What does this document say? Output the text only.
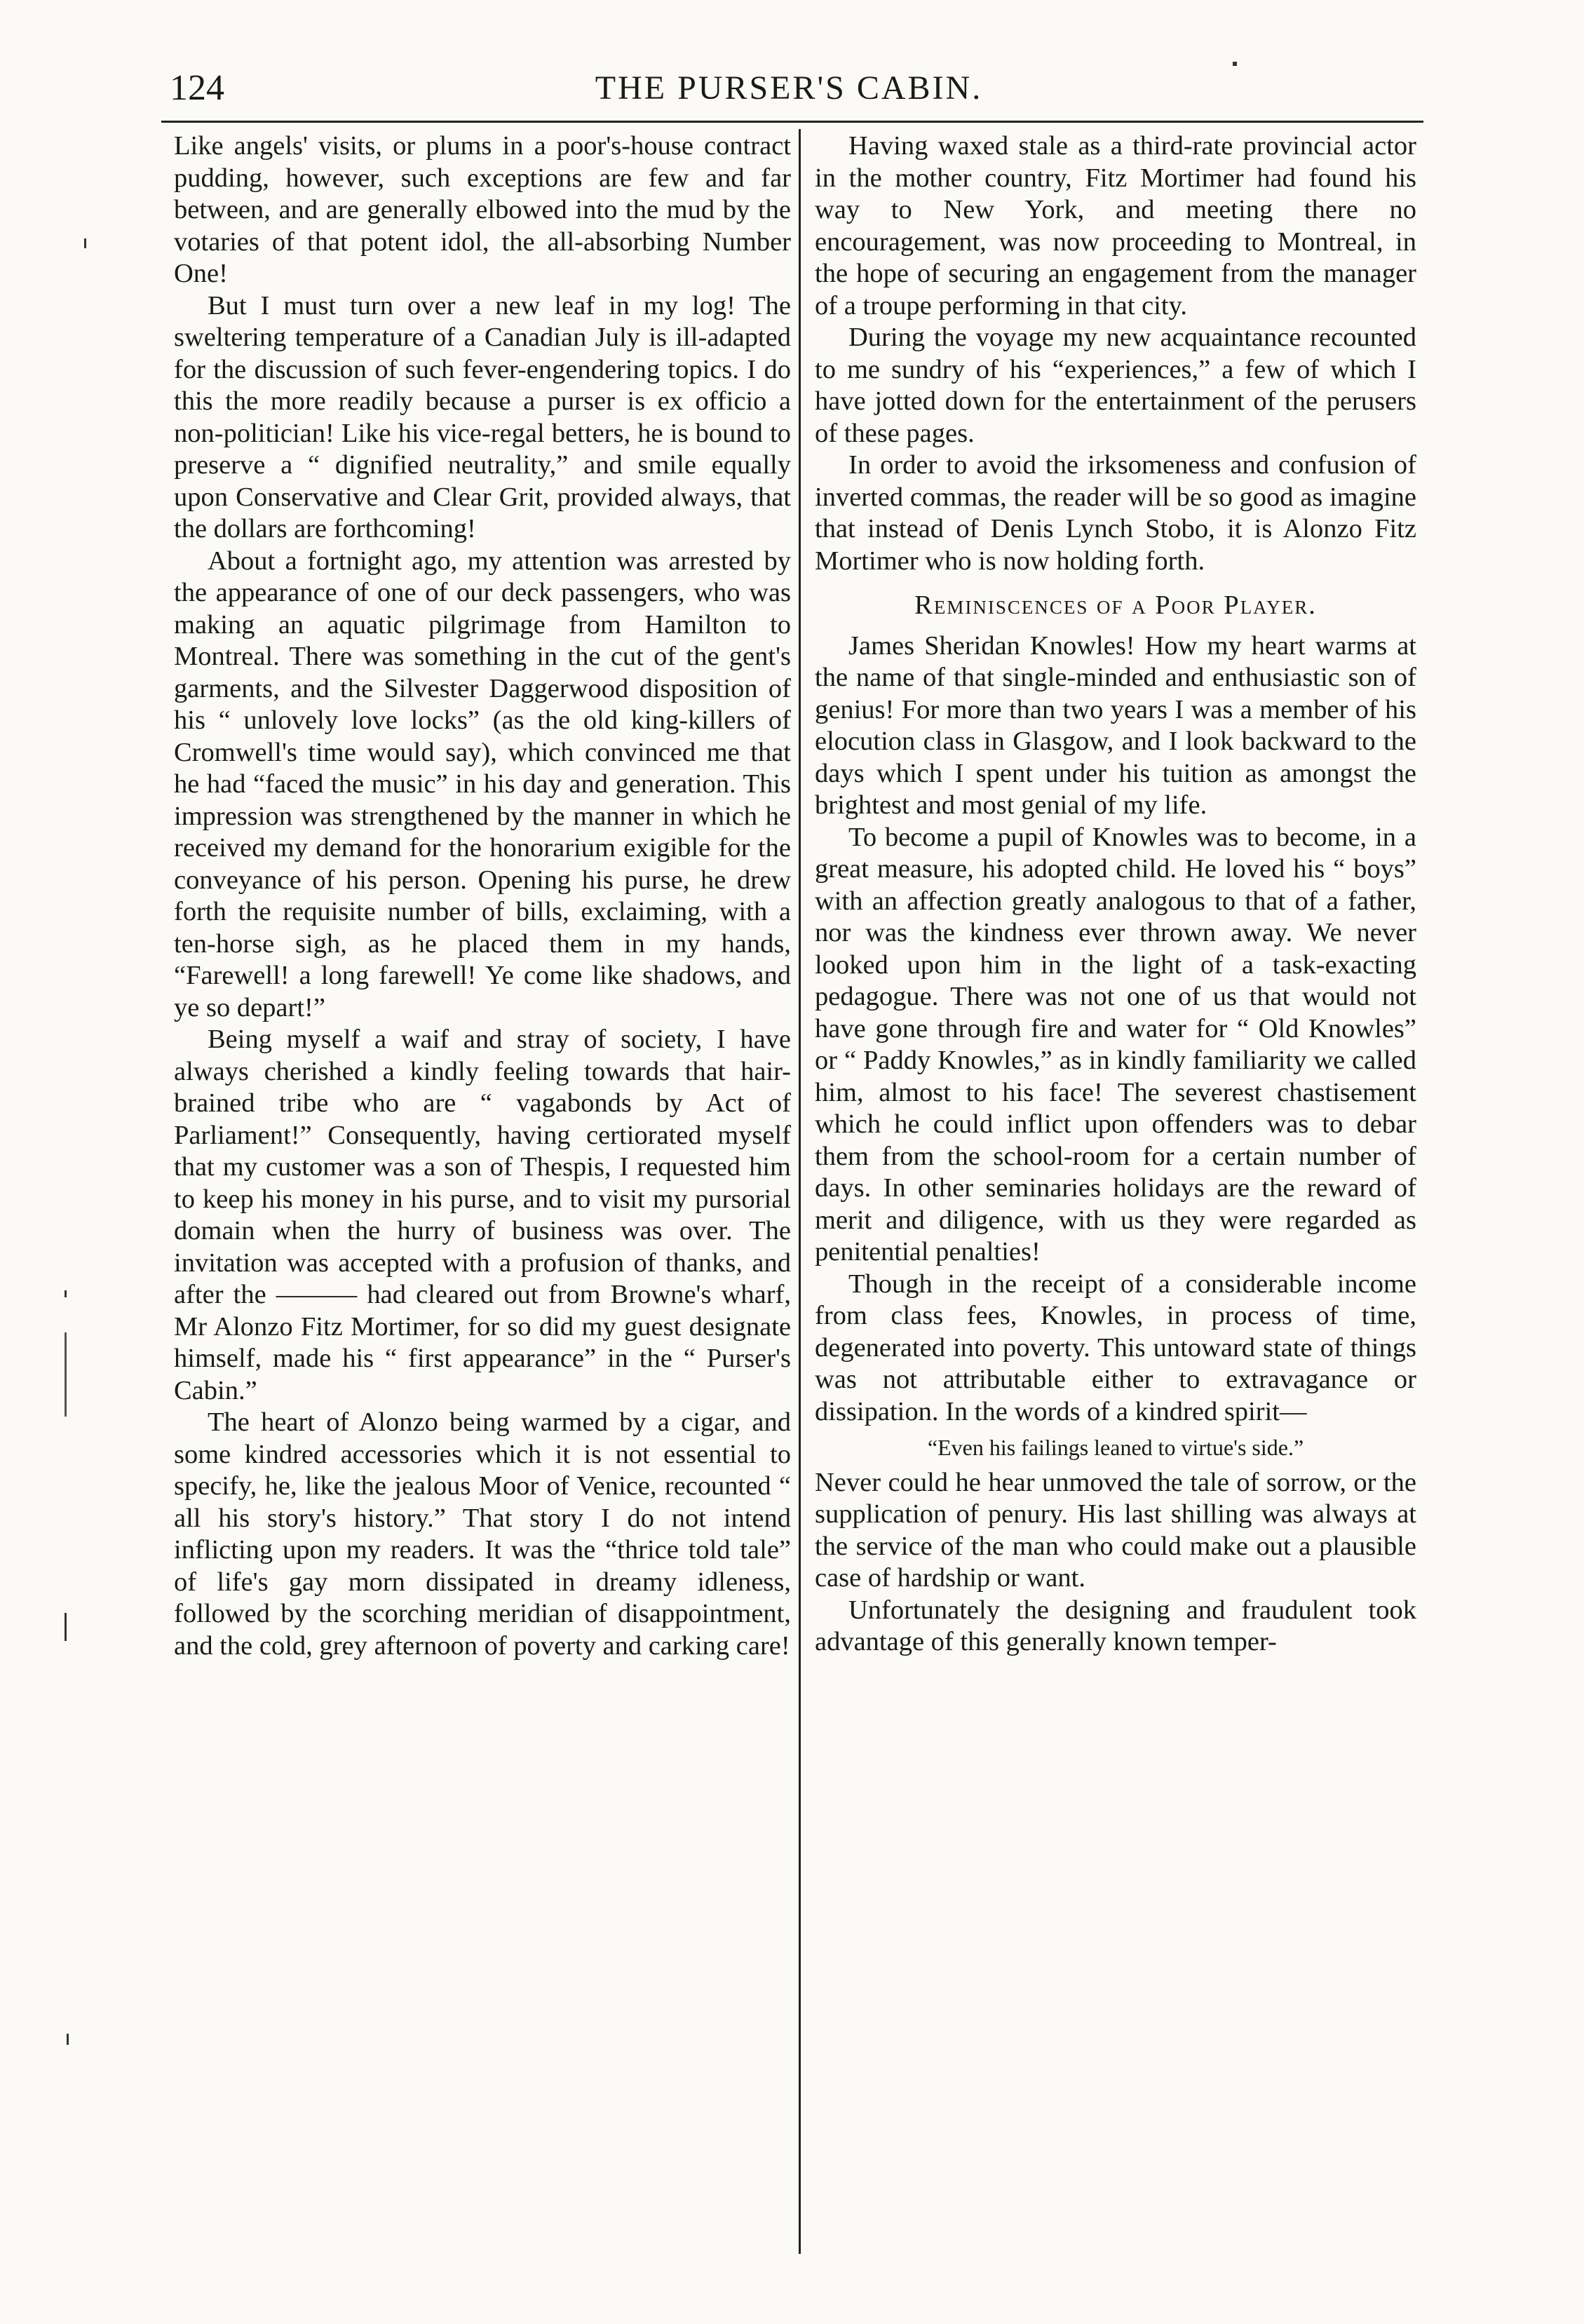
124	THE PURSER'S CABIN.

Like angels' visits, or plums in a poor's-house contract pudding, however, such exceptions are few and far between, and are generally elbowed into the mud by the votaries of that potent idol, the all-absorbing Number One!

But I must turn over a new leaf in my log! The sweltering temperature of a Canadian July is ill-adapted for the discussion of such fever-engendering topics. I do this the more readily because a purser is ex officio a non-politician! Like his vice-regal betters, he is bound to preserve a “ dignified neutrality,” and smile equally upon Conservative and Clear Grit, provided always, that the dollars are forthcoming!

About a fortnight ago, my attention was arrested by the appearance of one of our deck passengers, who was making an aquatic pilgrimage from Hamilton to Montreal. There was something in the cut of the gent's garments, and the Silvester Daggerwood disposition of his “ unlovely love locks” (as the old king-killers of Cromwell's time would say), which convinced me that he had “faced the music” in his day and generation. This impression was strengthened by the manner in which he received my demand for the honorarium exigible for the conveyance of his person. Opening his purse, he drew forth the requisite number of bills, exclaiming, with a ten-horse sigh, as he placed them in my hands, “Farewell! a long farewell! Ye come like shadows, and ye so depart!”

Being myself a waif and stray of society, I have always cherished a kindly feeling towards that hair-brained tribe who are “ vagabonds by Act of Parliament!” Consequently, having certiorated myself that my customer was a son of Thespis, I requested him to keep his money in his purse, and to visit my pursorial domain when the hurry of business was over. The invitation was accepted with a profusion of thanks, and after the ——— had cleared out from Browne's wharf, Mr Alonzo Fitz Mortimer, for so did my guest designate himself, made his “ first appearance” in the “ Purser's Cabin.”

The heart of Alonzo being warmed by a cigar, and some kindred accessories which it is not essential to specify, he, like the jealous Moor of Venice, recounted “ all his story's history.” That story I do not intend inflicting upon my readers. It was the “thrice told tale” of life's gay morn dissipated in dreamy idleness, followed by the scorching meridian of disappointment, and the cold, grey afternoon of poverty and carking care!

Having waxed stale as a third-rate provincial actor in the mother country, Fitz Mortimer had found his way to New York, and meeting there no encouragement, was now proceeding to Montreal, in the hope of securing an engagement from the manager of a troupe performing in that city.

During the voyage my new acquaintance recounted to me sundry of his “experiences,” a few of which I have jotted down for the entertainment of the perusers of these pages.

In order to avoid the irksomeness and confusion of inverted commas, the reader will be so good as imagine that instead of Denis Lynch Stobo, it is Alonzo Fitz Mortimer who is now holding forth.

Reminiscences of a Poor Player.

James Sheridan Knowles! How my heart warms at the name of that single-minded and enthusiastic son of genius! For more than two years I was a member of his elocution class in Glasgow, and I look backward to the days which I spent under his tuition as amongst the brightest and most genial of my life.

To become a pupil of Knowles was to become, in a great measure, his adopted child. He loved his “ boys” with an affection greatly analogous to that of a father, nor was the kindness ever thrown away. We never looked upon him in the light of a task-exacting pedagogue. There was not one of us that would not have gone through fire and water for “ Old Knowles” or “ Paddy Knowles,” as in kindly familiarity we called him, almost to his face! The severest chastisement which he could inflict upon offenders was to debar them from the school-room for a certain number of days. In other seminaries holidays are the reward of merit and diligence, with us they were regarded as penitential penalties!

Though in the receipt of a considerable income from class fees, Knowles, in process of time, degenerated into poverty. This untoward state of things was not attributable either to extravagance or dissipation. In the words of a kindred spirit—

“Even his failings leaned to virtue's side.”

Never could he hear unmoved the tale of sorrow, or the supplication of penury. His last shilling was always at the service of the man who could make out a plausible case of hardship or want.

Unfortunately the designing and fraudulent took advantage of this generally known temper-
